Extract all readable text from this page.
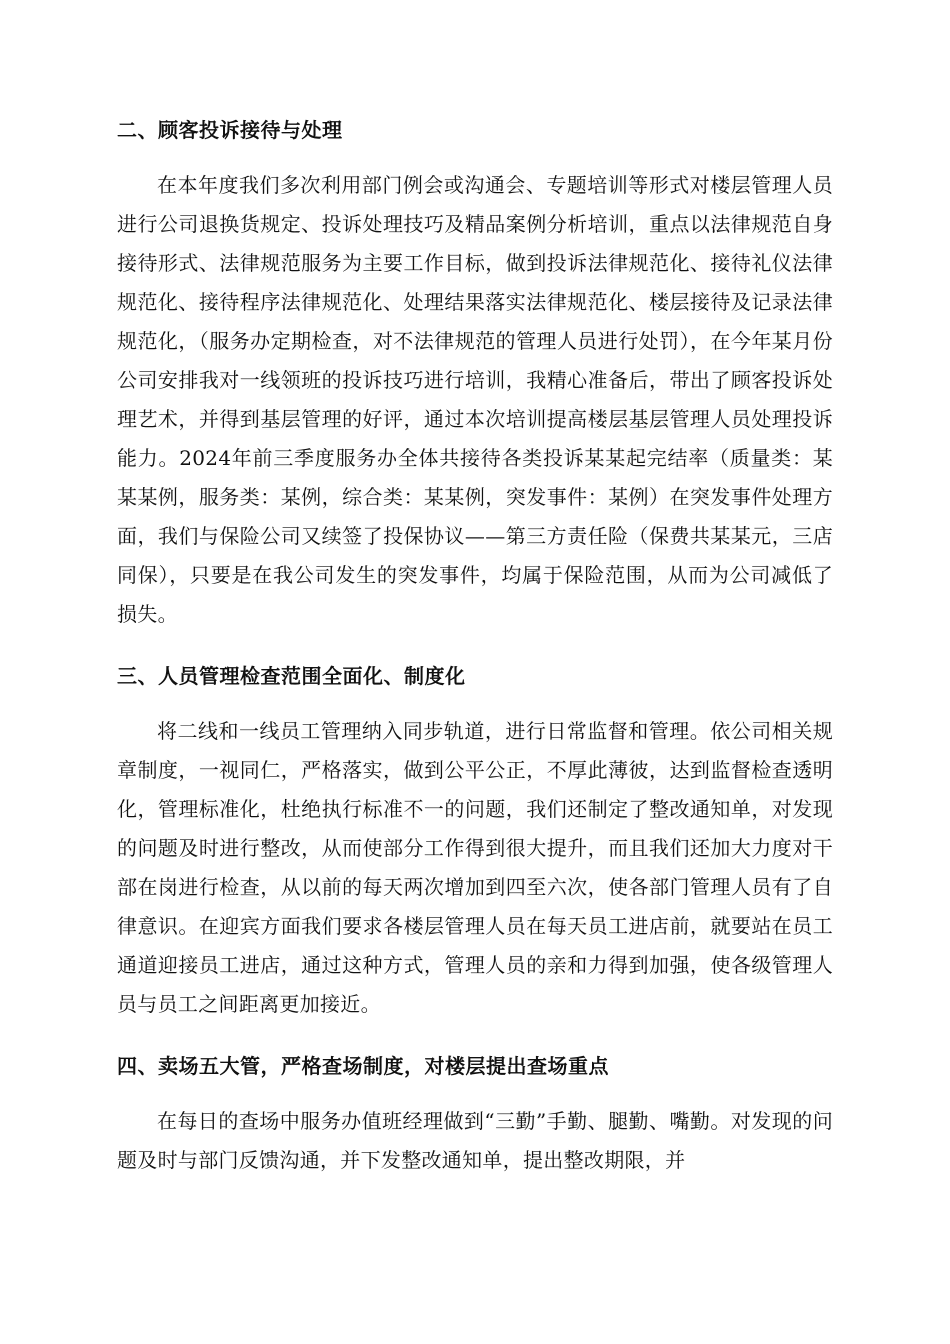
二、顾客投诉接待与处理

在本年度我们多次利用部门例会或沟通会、专题培训等形式对楼层管理人员进行公司退换货规定、投诉处理技巧及精品案例分析培训，重点以法律规范自身接待形式、法律规范服务为主要工作目标，做到投诉法律规范化、接待礼仪法律规范化、接待程序法律规范化、处理结果落实法律规范化、楼层接待及记录法律规范化，（服务办定期检查，对不法律规范的管理人员进行处罚），在今年某月份公司安排我对一线领班的投诉技巧进行培训，我精心准备后，带出了顾客投诉处理艺术，并得到基层管理的好评，通过本次培训提高楼层基层管理人员处理投诉能力。2024年前三季度服务办全体共接待各类投诉某某起完结率（质量类：某某某例，服务类：某例，综合类：某某例，突发事件：某例）在突发事件处理方面，我们与保险公司又续签了投保协议——第三方责任险（保费共某某元，三店同保），只要是在我公司发生的突发事件，均属于保险范围，从而为公司减低了损失。

三、人员管理检查范围全面化、制度化

将二线和一线员工管理纳入同步轨道，进行日常监督和管理。依公司相关规章制度，一视同仁，严格落实，做到公平公正，不厚此薄彼，达到监督检查透明化，管理标准化，杜绝执行标准不一的问题，我们还制定了整改通知单，对发现的问题及时进行整改，从而使部分工作得到很大提升，而且我们还加大力度对干部在岗进行检查，从以前的每天两次增加到四至六次，使各部门管理人员有了自律意识。在迎宾方面我们要求各楼层管理人员在每天员工进店前，就要站在员工通道迎接员工进店，通过这种方式，管理人员的亲和力得到加强，使各级管理人员与员工之间距离更加接近。

四、卖场五大管，严格查场制度，对楼层提出查场重点

在每日的查场中服务办值班经理做到“三勤”手勤、腿勤、嘴勤。对发现的问题及时与部门反馈沟通，并下发整改通知单，提出整改期限，并
